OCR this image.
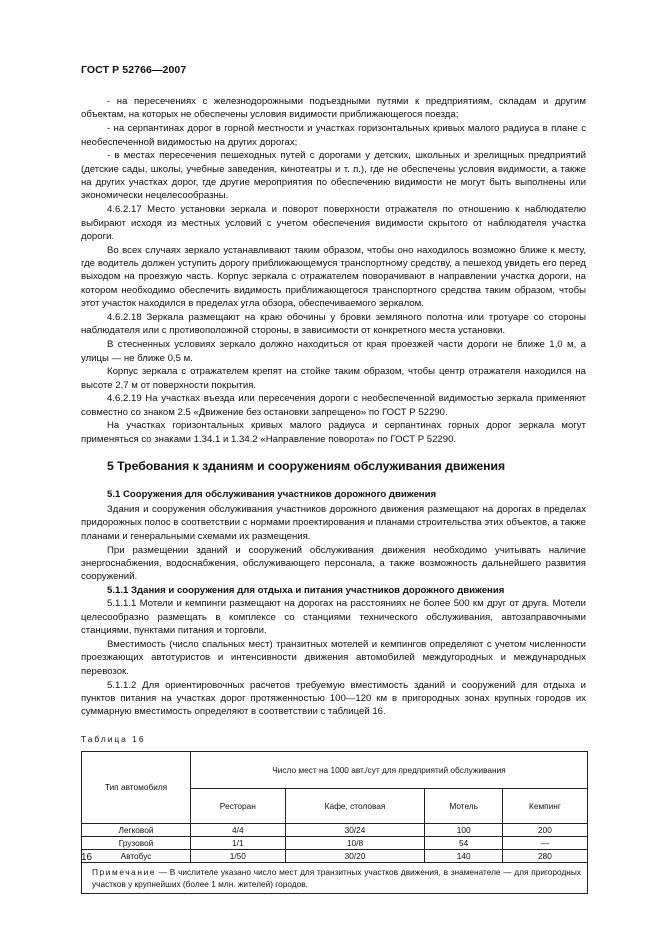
ГОСТ Р 52766—2007

- на пересечениях с железнодорожными подъездными путями к предприятиям, складам и другим объектам, на которых не обеспечены условия видимости приближающегося поезда;

- на серпантинах дорог в горной местности и участках горизонтальных кривых малого радиуса в плане с необеспеченной видимостью на других дорогах;

- в местах пересечения пешеходных путей с дорогами у детских, школьных и зрелищных предприятий (детские сады, школы, учебные заведения, кинотеатры и т. п.), где не обеспечены условия видимости, а также на других участках дорог, где другие мероприятия по обеспечению видимости не могут быть выполнены или экономически нецелесообразны.

4.6.2.17 Место установки зеркала и поворот поверхности отражателя по отношению к наблюдателю выбирают исходя из местных условий с учетом обеспечения видимости скрытого от наблюдателя участка дороги.

Во всех случаях зеркало устанавливают таким образом, чтобы оно находилось возможно ближе к месту, где водитель должен уступить дорогу приближающемуся транспортному средству, а пешеход увидеть его перед выходом на проезжую часть. Корпус зеркала с отражателем поворачивают в направлении участка дороги, на котором необходимо обеспечить видимость приближающегося транспортного средства таким образом, чтобы этот участок находился в пределах угла обзора, обеспечиваемого зеркалом.

4.6.2.18 Зеркала размещают на краю обочины у бровки земляного полотна или тротуаре со стороны наблюдателя или с противоположной стороны, в зависимости от конкретного места установки.

В стесненных условиях зеркало должно находиться от края проезжей части дороги не ближе 1,0 м, а улицы — не ближе 0,5 м.

Корпус зеркала с отражателем крепят на стойке таким образом, чтобы центр отражателя находился на высоте 2,7 м от поверхности покрытия.

4.6.2.19 На участках въезда или пересечения дороги с необеспеченной видимостью зеркала применяют совместно со знаком 2.5 «Движение без остановки запрещено» по ГОСТ Р 52290.

На участках горизонтальных кривых малого радиуса и серпантинах горных дорог зеркала могут применяться со знаками 1.34.1 и 1.34.2 «Направление поворота» по ГОСТ Р 52290.

5 Требования к зданиям и сооружениям обслуживания движения

5.1 Сооружения для обслуживания участников дорожного движения

Здания и сооружения обслуживания участников дорожного движения размещают на дорогах в пределах придорожных полос в соответствии с нормами проектирования и планами строительства этих объектов, а также планами и генеральными схемами их размещения.

При размещении зданий и сооружений обслуживания движения необходимо учитывать наличие энергоснабжения, водоснабжения, обслуживающего персонала, а также возможность дальнейшего развития сооружений.

5.1.1 Здания и сооружения для отдыха и питания участников дорожного движения

5.1.1.1 Мотели и кемпинги размещают на дорогах на расстояниях не более 500 км друг от друга. Мотели целесообразно размещать в комплексе со станциями технического обслуживания, автозаправочными станциями, пунктами питания и торговли.

Вместимость (число спальных мест) транзитных мотелей и кемпингов определяют с учетом численности проезжающих автотуристов и интенсивности движения автомобилей междугородных и международных перевозок.

5.1.1.2 Для ориентировочных расчетов требуемую вместимость зданий и сооружений для отдыха и пунктов питания на участках дорог протяженностью 100—120 км в пригородных зонах крупных городов их суммарную вместимость определяют в соответствии с таблицей 16.

Таблица 16

Тип автомобиля	Число мест на 1000 авт./сут для предприятий обслуживания			
	Ресторан	Кафе, столовая	Мотель	Кемпинг
Легковой	4/4	30/24	100	200
Грузовой	1/1	10/8	54	—
Автобус	1/50	30/20	140	280
Примечание — В числителе указано число мест для транзитных участков движения, в знаменателе — для пригородных участков у крупнейших (более 1 млн. жителей) городов.				
16
